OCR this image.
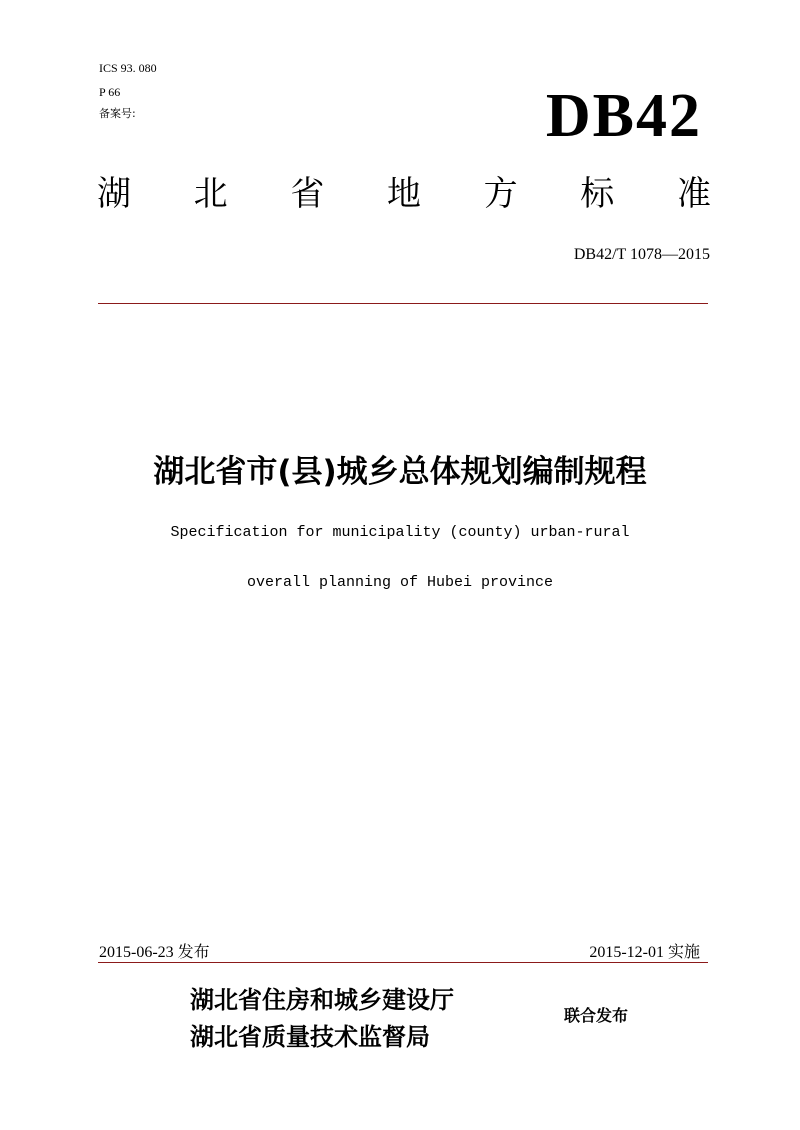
ICS 93. 080
P 66
备案号:	DB42
湖 北 省 地 方 标 准
DB42/T 1078—2015
湖北省市(县)城乡总体规划编制规程
Specification for municipality (county) urban-rural
overall planning of Hubei province
2015-06-23 发布	2015-12-01 实施
湖北省住房和城乡建设厅
湖北省质量技术监督局
联合发布
